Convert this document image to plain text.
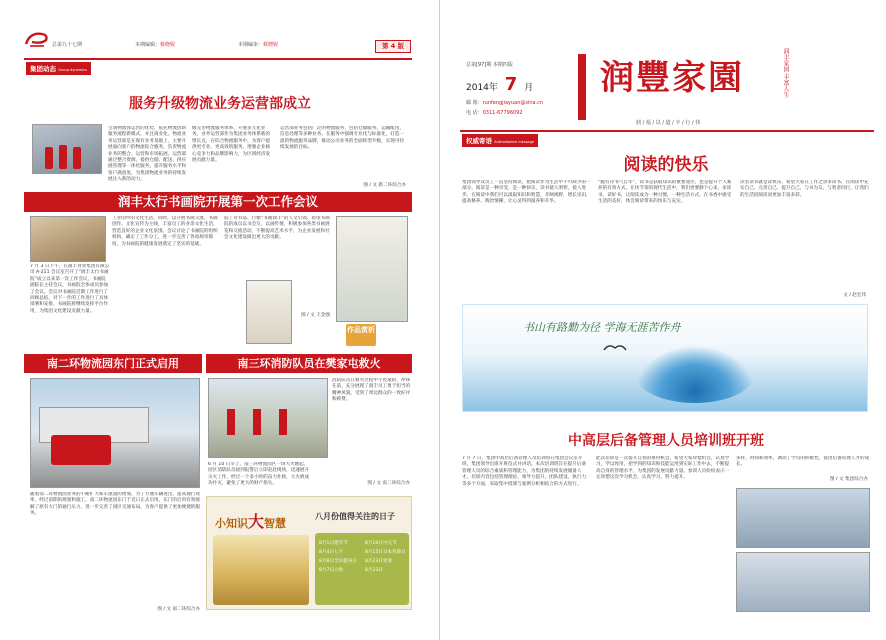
总第九十七期	本期编辑：蔡晓妮	本期编审：蔡晓妮	第 4 版
集团动态 Group dynamics
服务升级物流业务运营部成立
宝润物流体运营的优势，依托物流创新服务流程新模式，并且商业化。物流业务运营部是在现有业务基础上，主要开展面向客户的物流综合服务，负责物流业务的整合、运营和市场拓展。运营部通过整合资源，提供仓储、配送、供应链管理等一体化服务，提升服务水平和客户满意度，为集团物流业务的持续发展注入新的动力。
级完善物流服务体系、开展多元化业务。业务运营部作为集团业务体系新的增长点，在综合物流服务中，为客户提供更专业、更高效的服务，增强企业核心竞争力和品牌影响力，为区域经济发展贡献力量。
运营部业务包括广泛的物流服务，包括仓储服务、运输配送、信息处理等多种业务。在服务中强调专业化与标准化，打造一流的物流服务品牌，推动公司业务的全面转型升级，实现可持续发展的目标。
图 / 文 新二环综合办
润丰太行书画院开展第一次工作会议
7 月 3 日下午，在润丰食业集团有限公司 A-211 会议室召开了“润丰太行书画院”成立以来第一次工作会议，书画院副院长主持会议，书画院全体成员参加了会议。会议对书画院近期工作进行了回顾总结，对下一步的工作进行了具体部署和安排，书画院将继续发挥平台作用，为集团文化建设贡献力量。
工业园中的文化生活，同时，以开展书画交流、书画创作、文化宣传为主线，丰富员工的业余文化生活，营造良好的企业文化氛围。会议讨论了书画院的组织机构，确定了工作分工，进一步完善了各项规章制度，为书画院的健康发展奠定了坚实的基础。
院了对书法、行楷“书画润丰”的人文引领、希望书画院的成员以书会友，以画传情，积极参加各类书画展览和交流活动，不断提高艺术水平，为企业发展和社会文化建设做出更大的贡献。
图 / 文 王金强
作品赏析
南二环物流园东门正式启用
随着南二环物流园业务的不断扩大和车流量的增加，为了方便车辆进出，提高通行效率，经过前期的规划和施工，南二环物流园东门于近日正式启用。东门的启用有效缓解了原有大门的通行压力，进一步完善了园区交通布局，为客户提供了更加便捷的服务。
图 / 文 南二环综合办
南三环消防队员在樊家屯救火
消防队员在救火过程中不畏艰险，冲锋在前，充分展现了润丰员工勇于担当的精神风貌，受到了周边群众的一致好评和称赞。
6 月 10 日早上，南三环物流园区一场大火燃起，园区消防队员接到报警后立即赶赴现场，迅速展开灭火工作，经过一个多小时的奋力扑救，大火被成功扑灭，避免了更大的财产损失。	图 / 文 南三环综合办
小知识大智慧
八月份值得关注的日子
8月1日建军节
8月4日七夕
8月8日全民健身日
8月7日立秋
8月10日中元节
8月15日日本投降日
8月23日处暑
8月23日
总第[97]期 本期四版
2014年 7 月
邮 箱：runfengjiayuan@sina.cn
电 话：0311-67796092
润豐家園	润丰家园 丰富人生
润 / 福 / 以 / 道 / 丰 / 行 / 伟
权威寄语 Authoritative message
阅读的快乐
集团领导及员工一直坚持阅读，把阅读作为生活中不可缺少的一部分。阅读是一种享受，是一种快乐，读书使人明智，使人进步。在阅读中我们可以汲取知识和智慧，开阔视野，增长见识，提高修养，陶冶情操，让心灵得到滋养和升华。
“腹有诗书气自华”，读书是获取知识的重要途径，也是提升个人素养的有效方式。在快节奏的现代生活中，我们更要静下心来，多读书，读好书，让阅读成为一种习惯，一种生活方式，在书香中感受生活的美好，体会阅读带来的快乐与充实。
读者读书就是读快乐，希望大家在工作之余多读书，在阅读中充实自己、完善自己、提升自己，与书为友，与智者同行，让我们的生活因阅读而更加丰富多彩。
文 / 赵宏伟
书山有路勤为径 学海无涯苦作舟
中高层后备管理人员培训班开班
7 月 7 日，集团中高层后备管理人员培训班在集团会议室开班，集团领导出席开班仪式并讲话。本次培训班旨在提升后备管理人员的综合素质和管理能力，为集团的持续发展储备人才。培训内容包括管理理论、领导力提升、团队建设、执行力等多个方面，采取集中授课与案例分析相结合的方式进行。
此次培训是一次提升自我的难得机会，希望大家珍惜机会，认真学习，学以致用，把学到的知识和技能运用到实际工作中去，不断提高自身的管理水平，为集团的发展贡献力量。参训人员纷纷表示一定珍惜这次学习机会，认真学习，努力提升。
多样，时间和效率，调动了学员的积极性，促进后备管理人才的成长。
图 / 文 集团综合办
